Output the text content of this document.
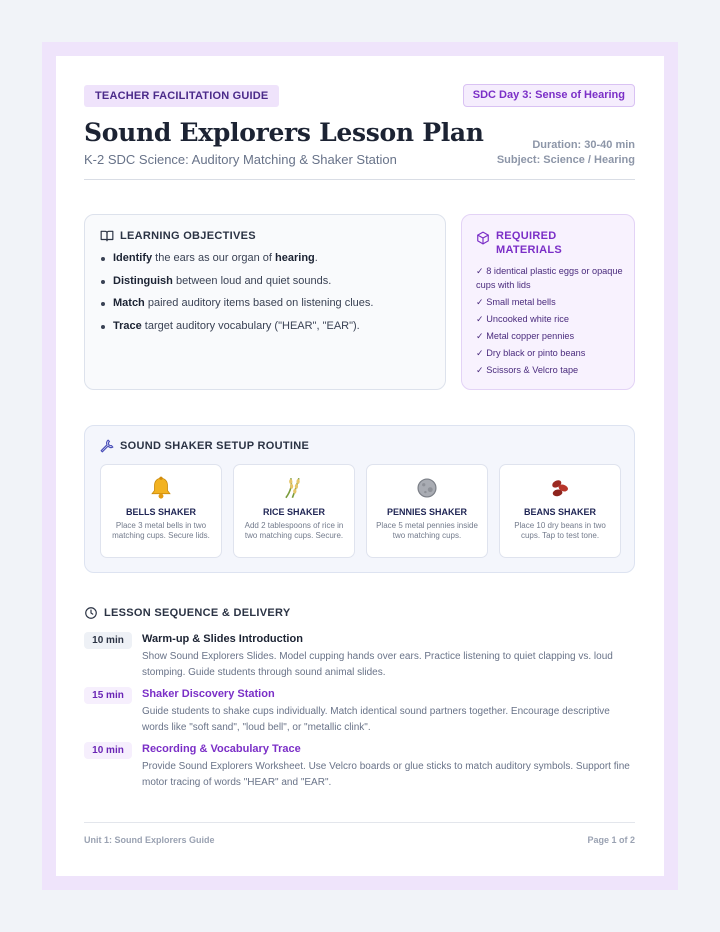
TEACHER FACILITATION GUIDE	SDC Day 3: Sense of Hearing
Sound Explorers Lesson Plan
K-2 SDC Science: Auditory Matching & Shaker Station
Duration: 30-40 min
Subject: Science / Hearing
LEARNING OBJECTIVES
Identify the ears as our organ of hearing.
Distinguish between loud and quiet sounds.
Match paired auditory items based on listening clues.
Trace target auditory vocabulary ("HEAR", "EAR").
REQUIRED
MATERIALS
✓ 8 identical plastic eggs or opaque cups with lids
✓ Small metal bells
✓ Uncooked white rice
✓ Metal copper pennies
✓ Dry black or pinto beans
✓ Scissors & Velcro tape
SOUND SHAKER SETUP ROUTINE
BELLS SHAKER
Place 3 metal bells in two matching cups. Secure lids.
RICE SHAKER
Add 2 tablespoons of rice in two matching cups. Secure.
PENNIES SHAKER
Place 5 metal pennies inside two matching cups.
BEANS SHAKER
Place 10 dry beans in two cups. Tap to test tone.
LESSON SEQUENCE & DELIVERY
10 min	Warm-up & Slides Introduction
Show Sound Explorers Slides. Model cupping hands over ears. Practice listening to quiet clapping vs. loud stomping. Guide students through sound animal slides.
15 min	Shaker Discovery Station
Guide students to shake cups individually. Match identical sound partners together. Encourage descriptive words like "soft sand", "loud bell", or "metallic clink".
10 min	Recording & Vocabulary Trace
Provide Sound Explorers Worksheet. Use Velcro boards or glue sticks to match auditory symbols. Support fine motor tracing of words "HEAR" and "EAR".
Unit 1: Sound Explorers Guide	Page 1 of 2
